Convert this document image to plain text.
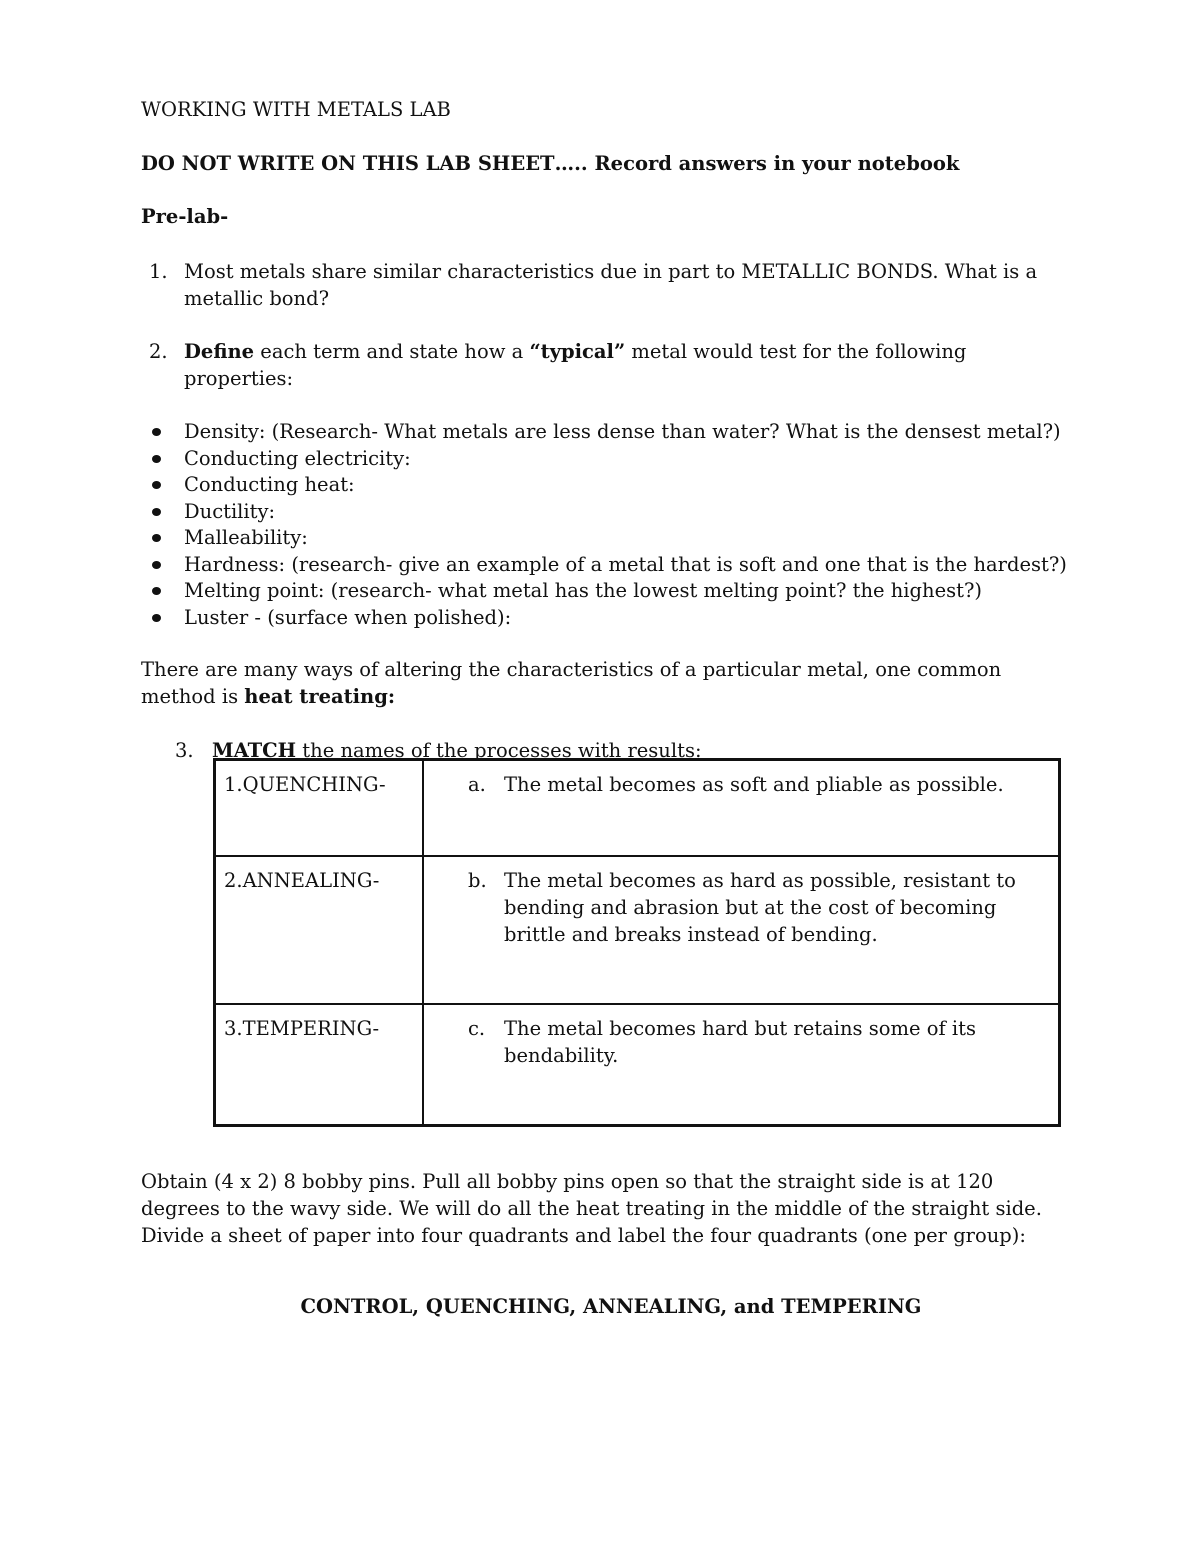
WORKING WITH METALS LAB
DO NOT WRITE ON THIS LAB SHEET….. Record answers in your notebook
Pre-lab-
1. Most metals share similar characteristics due in part to METALLIC BONDS. What is a metallic bond?
2. Define each term and state how a “typical” metal would test for the following properties:
Density: (Research- What metals are less dense than water? What is the densest metal?)
Conducting electricity:
Conducting heat:
Ductility:
Malleability:
Hardness: (research- give an example of a metal that is soft and one that is the hardest?)
Melting point: (research- what metal has the lowest melting point? the highest?)
Luster - (surface when polished):
There are many ways of altering the characteristics of a particular metal, one common method is heat treating:
3. MATCH the names of the processes with results:
1.QUENCHING-	a. The metal becomes as soft and pliable as possible.
2.ANNEALING-	b. The metal becomes as hard as possible, resistant to bending and abrasion but at the cost of becoming brittle and breaks instead of bending.
3.TEMPERING-	c. The metal becomes hard but retains some of its bendability.
Obtain (4 x 2) 8 bobby pins. Pull all bobby pins open so that the straight side is at 120 degrees to the wavy side. We will do all the heat treating in the middle of the straight side. Divide a sheet of paper into four quadrants and label the four quadrants (one per group):
CONTROL, QUENCHING, ANNEALING, and TEMPERING
